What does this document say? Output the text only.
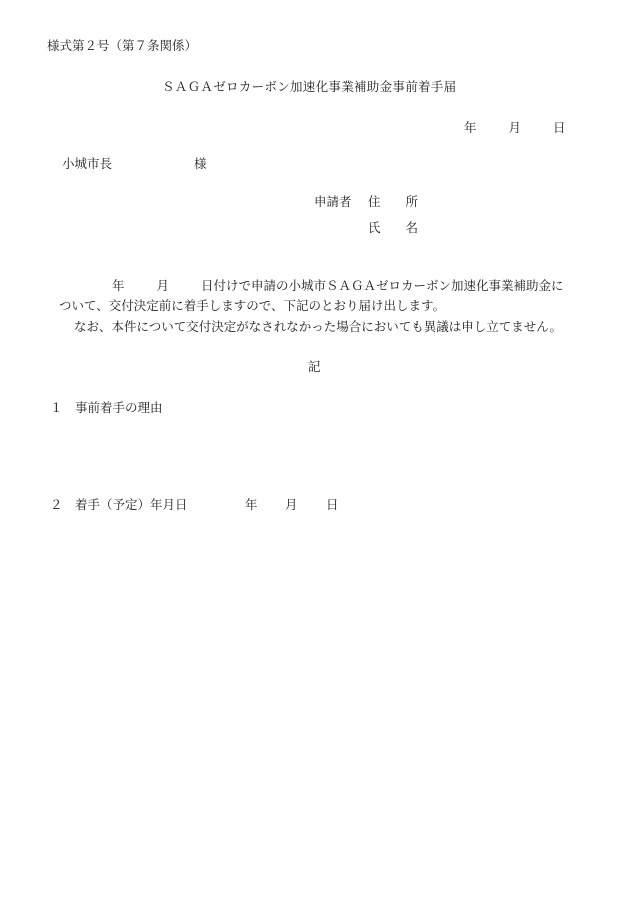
様式第２号（第７条関係）
ＳＡＧＡゼロカーボン加速化事業補助金事前着手届
年	月	日
小城市長	様
申請者 住　　所
氏　　名
年	月	日付けで申請の小城市ＳＡＧＡゼロカーボン加速化事業補助金に
ついて、交付決定前に着手しますので、下記のとおり届け出します。
なお、本件について交付決定がなされなかった場合においても異議は申し立てません。
記
１ 事前着手の理由
２ 着手（予定）年月日	年 月 日
